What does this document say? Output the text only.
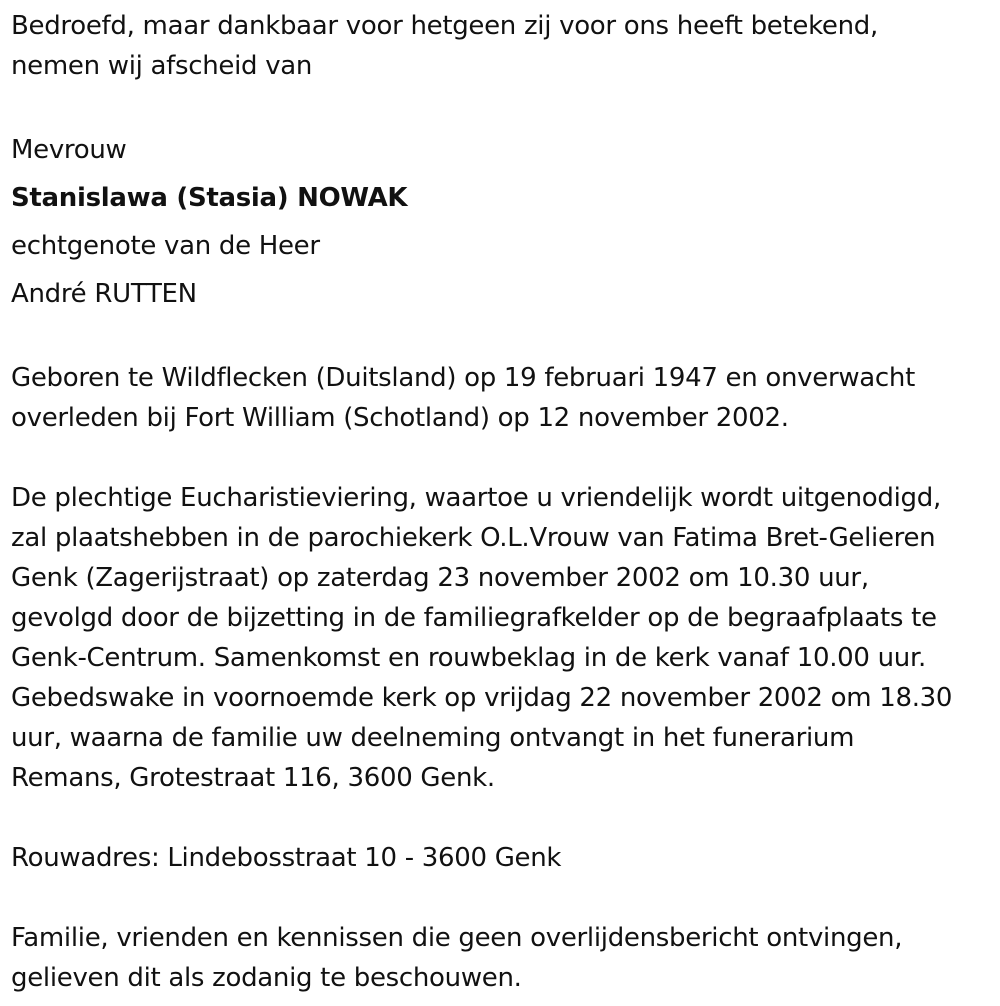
Bedroefd, maar dankbaar voor hetgeen zij voor ons heeft betekend,

nemen wij afscheid van

Mevrouw

Stanislawa (Stasia) NOWAK

echtgenote van de Heer

André RUTTEN

Geboren te Wildflecken (Duitsland) op 19 februari 1947 en onverwacht

overleden bij Fort William (Schotland) op 12 november 2002.

De plechtige Eucharistieviering, waartoe u vriendelijk wordt uitgenodigd,

zal plaatshebben in de parochiekerk O.L.Vrouw van Fatima Bret-Gelieren

Genk (Zagerijstraat) op zaterdag 23 november 2002 om 10.30 uur,

gevolgd door de bijzetting in de familiegrafkelder op de begraafplaats te

Genk-Centrum. Samenkomst en rouwbeklag in de kerk vanaf 10.00 uur.

Gebedswake in voornoemde kerk op vrijdag 22 november 2002 om 18.30

uur, waarna de familie uw deelneming ontvangt in het funerarium

Remans, Grotestraat 116, 3600 Genk.

Rouwadres: Lindebosstraat 10 - 3600 Genk

Familie, vrienden en kennissen die geen overlijdensbericht ontvingen,

gelieven dit als zodanig te beschouwen.
